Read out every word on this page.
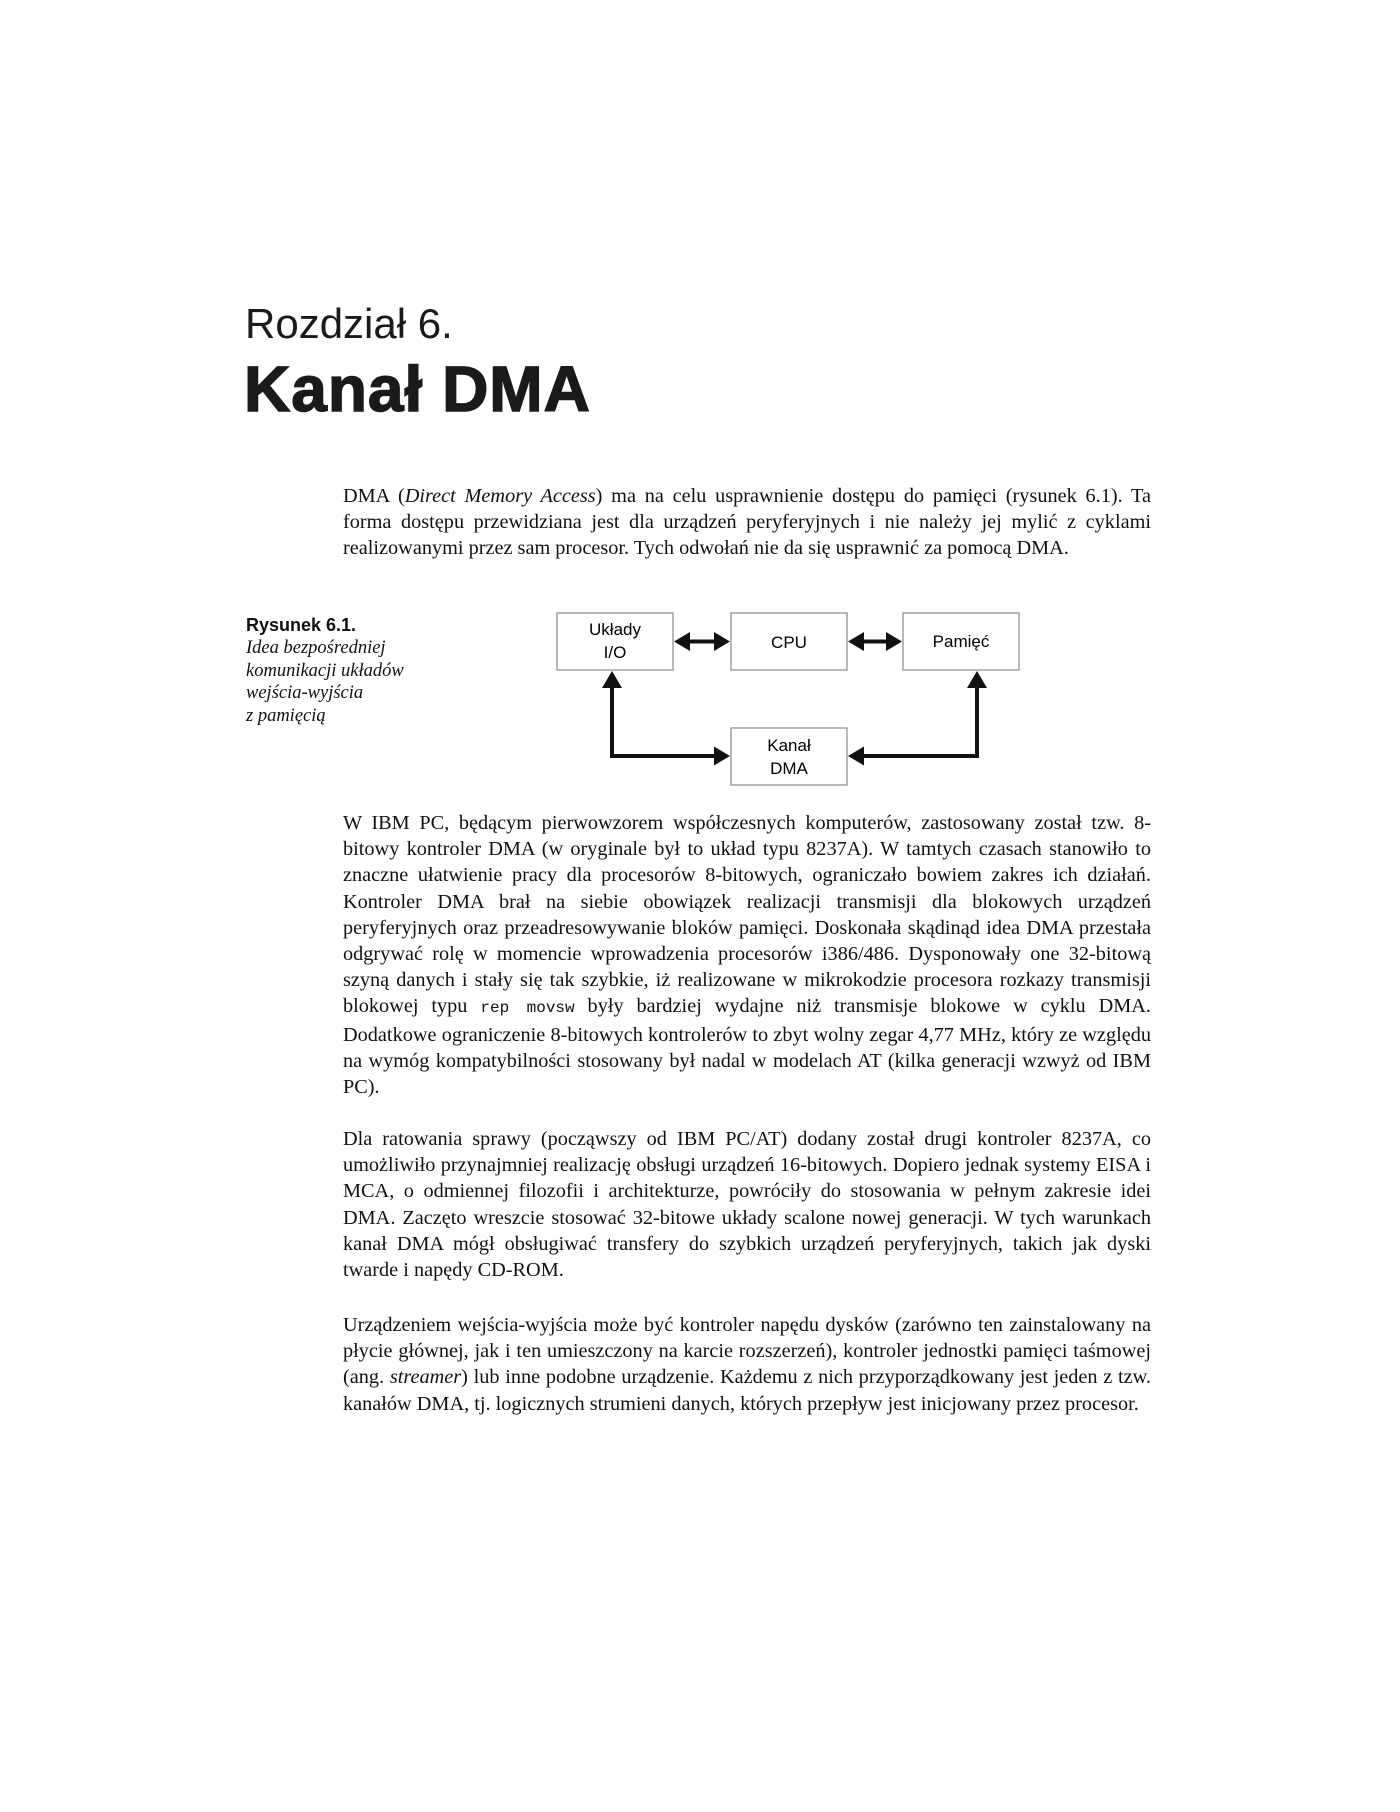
Rozdział 6.
Kanał DMA

DMA (Direct Memory Access) ma na celu usprawnienie dostępu do pamięci (rysunek 6.1). Ta forma dostępu przewidziana jest dla urządzeń peryferyjnych i nie należy jej mylić z cyklami realizowanymi przez sam procesor. Tych odwołań nie da się usprawnić za pomocą DMA.

Rysunek 6.1.
Idea bezpośredniej
komunikacji układów
wejścia-wyjścia
z pamięcią
Układy
I/O
CPU	Pamięć
Kanał
DMA

W IBM PC, będącym pierwowzorem współczesnych komputerów, zastosowany został tzw. 8-bitowy kontroler DMA (w oryginale był to układ typu 8237A). W tamtych czasach stanowiło to znaczne ułatwienie pracy dla procesorów 8-bitowych, ograniczało bowiem zakres ich działań. Kontroler DMA brał na siebie obowiązek realizacji transmisji dla blokowych urządzeń peryferyjnych oraz przeadresowywanie bloków pamięci. Doskonała skądinąd idea DMA przestała odgrywać rolę w momencie wprowadzenia procesorów i386/486. Dysponowały one 32-bitową szyną danych i stały się tak szybkie, iż realizowane w mikrokodzie procesora rozkazy transmisji blokowej typu rep movsw były bardziej wydajne niż transmisje blokowe w cyklu DMA. Dodatkowe ograniczenie 8-bitowych kontrolerów to zbyt wolny zegar 4,77 MHz, który ze względu na wymóg kompatybilności stosowany był nadal w modelach AT (kilka generacji wzwyż od IBM PC).

Dla ratowania sprawy (począwszy od IBM PC/AT) dodany został drugi kontroler 8237A, co umożliwiło przynajmniej realizację obsługi urządzeń 16-bitowych. Dopiero jednak systemy EISA i MCA, o odmiennej filozofii i architekturze, powróciły do stosowania w pełnym zakresie idei DMA. Zaczęto wreszcie stosować 32-bitowe układy scalone nowej generacji. W tych warunkach kanał DMA mógł obsługiwać transfery do szybkich urządzeń peryferyjnych, takich jak dyski twarde i napędy CD-ROM.

Urządzeniem wejścia-wyjścia może być kontroler napędu dysków (zarówno ten zainstalowany na płycie głównej, jak i ten umieszczony na karcie rozszerzeń), kontroler jednostki pamięci taśmowej (ang. streamer) lub inne podobne urządzenie. Każdemu z nich przyporządkowany jest jeden z tzw. kanałów DMA, tj. logicznych strumieni danych, których przepływ jest inicjowany przez procesor.
